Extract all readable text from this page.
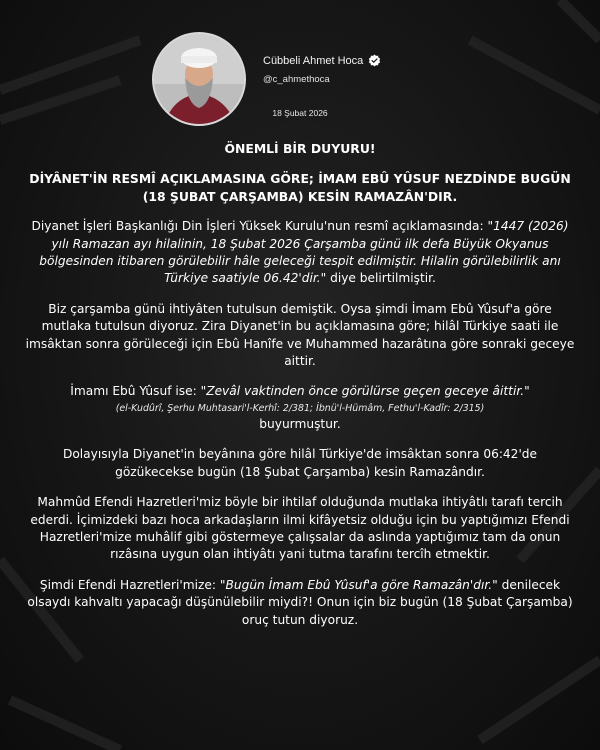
Cübbeli Ahmet Hoca
@c_ahmethoca
18 Şubat 2026

ÖNEMLİ BİR DUYURU!

DİYÂNET'İN RESMÎ AÇIKLAMASINA GÖRE; İMAM EBÛ YÛSUF NEZDİNDE BUGÜN (18 ŞUBAT ÇARŞAMBA) KESİN RAMAZÂN'DIR.

Diyanet İşleri Başkanlığı Din İşleri Yüksek Kurulu'nun resmî açıklamasında: "1447 (2026) yılı Ramazan ayı hilalinin, 18 Şubat 2026 Çarşamba günü ilk defa Büyük Okyanus bölgesinden itibaren görülebilir hâle geleceği tespit edilmiştir. Hilalin görülebilirlik anı Türkiye saatiyle 06.42'dir." diye belirtilmiştir.

Biz çarşamba günü ihtiyâten tutulsun demiştik. Oysa şimdi İmam Ebû Yûsuf'a göre mutlaka tutulsun diyoruz. Zira Diyanet'in bu açıklamasına göre; hilâl Türkiye saati ile imsâktan sonra görüleceği için Ebû Hanîfe ve Muhammed hazarâtına göre sonraki geceye aittir.

İmamı Ebû Yûsuf ise: "Zevâl vaktinden önce görülürse geçen geceye âittir."
(el-Kudûrî, Şerhu Muhtasari'l-Kerhî: 2/381; İbnü'l-Hümâm, Fethu'l-Kadîr: 2/315)
buyurmuştur.

Dolayısıyla Diyanet'in beyânına göre hilâl Türkiye'de imsâktan sonra 06:42'de gözükecekse bugün (18 Şubat Çarşamba) kesin Ramazândır.

Mahmûd Efendi Hazretleri'miz böyle bir ihtilaf olduğunda mutlaka ihtiyâtlı tarafı tercih ederdi. İçimizdeki bazı hoca arkadaşların ilmi kifâyetsiz olduğu için bu yaptığımızı Efendi Hazretleri'mize muhâlif gibi göstermeye çalışsalar da aslında yaptığımız tam da onun rızâsına uygun olan ihtiyâtı yani tutma tarafını tercîh etmektir.

Şimdi Efendi Hazretleri'mize: "Bugün İmam Ebû Yûsuf'a göre Ramazân'dır." denilecek olsaydı kahvaltı yapacağı düşünülebilir miydi?! Onun için biz bugün (18 Şubat Çarşamba) oruç tutun diyoruz.
